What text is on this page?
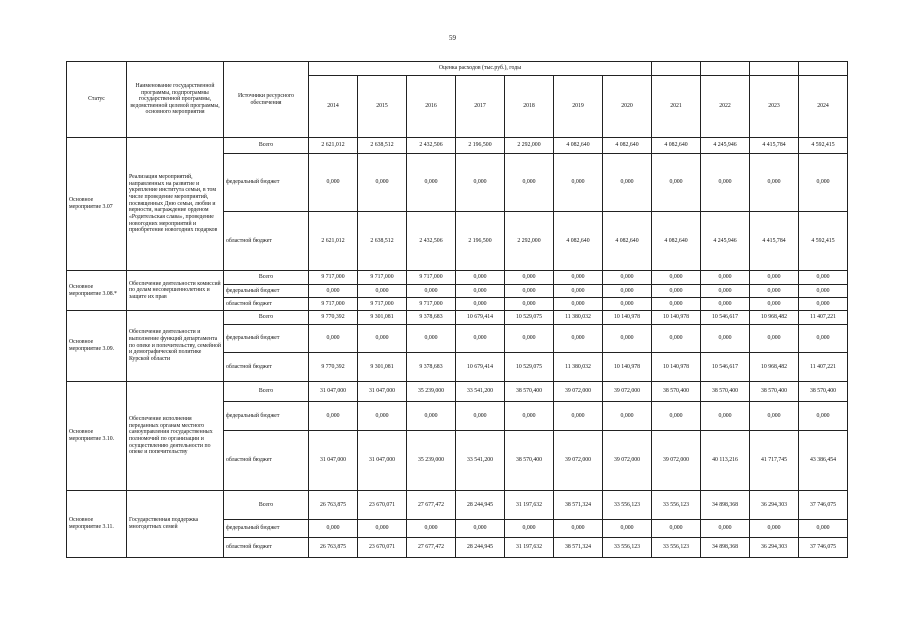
59
Статус	Наименование государственной программы, подпрограммы государственной программы, ведомственной целевой программы, основного мероприятия	Источники ресурсного обеспечения	Оценка расходов (тыс.руб.), годы										
			2014	2015	2016	2017	2018	2019	2020	2021	2022	2023	2024
Основное мероприятие 3.07	Реализация мероприятий, направленных на развитие и укрепление института семьи, в том числе проведение мероприятий, посвященных Дню семьи, любви и верности, награждение орденом «Родительская слава», проведение новогодних мероприятий и приобретение новогодних подарков	Всего	2 621,012	2 638,512	2 432,506	2 196,500	2 292,000	4 082,640	4 082,640	4 082,640	4 245,946	4 415,784	4 592,415
		федеральный бюджет	0,000	0,000	0,000	0,000	0,000	0,000	0,000	0,000	0,000	0,000	0,000
		областной бюджет	2 621,012	2 638,512	2 432,506	2 196,500	2 292,000	4 082,640	4 082,640	4 082,640	4 245,946	4 415,784	4 592,415
Основное мероприятие 3.08.*	Обеспечение деятельности комиссий по делам несовершеннолетних и защите их прав	Всего	9 717,000	9 717,000	9 717,000	0,000	0,000	0,000	0,000	0,000	0,000	0,000	0,000
		федеральный бюджет	0,000	0,000	0,000	0,000	0,000	0,000	0,000	0,000	0,000	0,000	0,000
		областной бюджет	9 717,000	9 717,000	9 717,000	0,000	0,000	0,000	0,000	0,000	0,000	0,000	0,000
Основное мероприятие 3.09.	Обеспечение деятельности и выполнение функций департамента по опеке и попечительству, семейной и демографической политике Курской области	Всего	9 770,392	9 301,081	9 378,683	10 679,414	10 529,075	11 380,032	10 140,978	10 140,978	10 546,617	10 968,482	11 407,221
		федеральный бюджет	0,000	0,000	0,000	0,000	0,000	0,000	0,000	0,000	0,000	0,000	0,000
		областной бюджет	9 770,392	9 301,081	9 378,683	10 679,414	10 529,075	11 380,032	10 140,978	10 140,978	10 546,617	10 968,482	11 407,221
Основное мероприятие 3.10.	Обеспечение исполнения переданных органам местного самоуправления государственных полномочий по организации и осуществлению деятельности по опеке и попечительству	Всего	31 047,000	31 047,000	35 239,000	33 541,200	38 570,400	39 072,000	39 072,000	38 570,400	38 570,400	38 570,400	38 570,400
		федеральный бюджет	0,000	0,000	0,000	0,000	0,000	0,000	0,000	0,000	0,000	0,000	0,000
		областной бюджет	31 047,000	31 047,000	35 239,000	33 541,200	38 570,400	39 072,000	39 072,000	39 072,000	40 113,216	41 717,745	43 386,454
Основное мероприятие 3.11.	Государственная поддержка многодетных семей	Всего	26 763,875	23 670,071	27 677,472	28 244,945	31 197,632	38 571,324	33 556,123	33 556,123	34 898,368	36 294,303	37 746,075
		федеральный бюджет	0,000	0,000	0,000	0,000	0,000	0,000	0,000	0,000	0,000	0,000	0,000
		областной бюджет	26 763,875	23 670,071	27 677,472	28 244,945	31 197,632	38 571,324	33 556,123	33 556,123	34 898,368	36 294,303	37 746,075
